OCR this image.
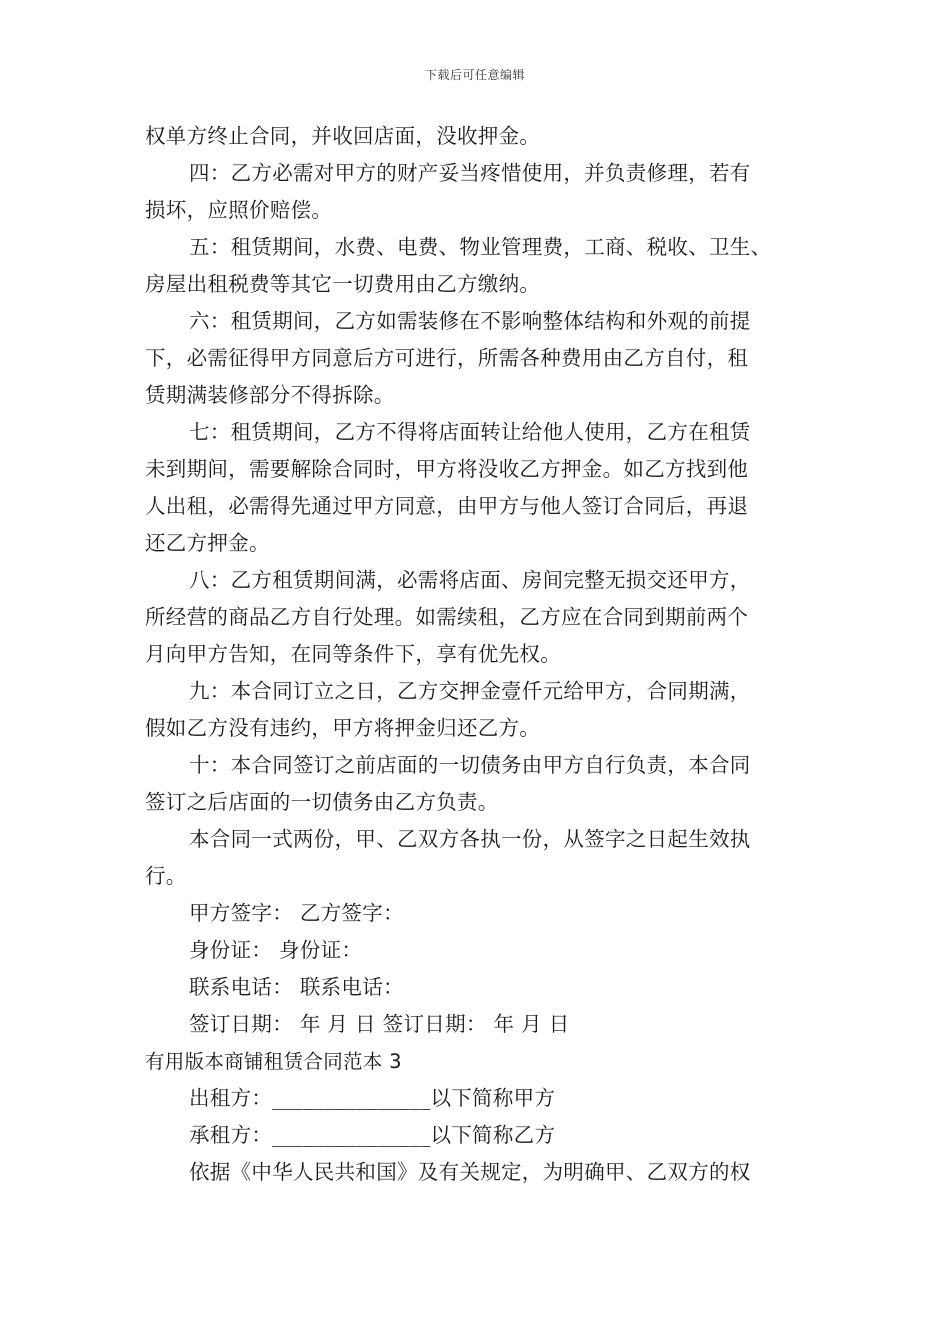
下载后可任意编辑
权单方终止合同，并收回店面，没收押金。
四：乙方必需对甲方的财产妥当疼惜使用，并负责修理，若有
损坏，应照价赔偿。
五：租赁期间，水费、电费、物业管理费，工商、税收、卫生、
房屋出租税费等其它一切费用由乙方缴纳。
六：租赁期间，乙方如需装修在不影响整体结构和外观的前提
下，必需征得甲方同意后方可进行，所需各种费用由乙方自付，租
赁期满装修部分不得拆除。
七：租赁期间，乙方不得将店面转让给他人使用，乙方在租赁
未到期间，需要解除合同时，甲方将没收乙方押金。如乙方找到他
人出租，必需得先通过甲方同意，由甲方与他人签订合同后，再退
还乙方押金。
八：乙方租赁期间满，必需将店面、房间完整无损交还甲方，
所经营的商品乙方自行处理。如需续租，乙方应在合同到期前两个
月向甲方告知，在同等条件下，享有优先权。
九：本合同订立之日，乙方交押金壹仟元给甲方，合同期满，
假如乙方没有违约，甲方将押金归还乙方。
十：本合同签订之前店面的一切债务由甲方自行负责，本合同
签订之后店面的一切债务由乙方负责。
本合同一式两份，甲、乙双方各执一份，从签字之日起生效执
行。
甲方签字： 乙方签字：
身份证： 身份证：
联系电话： 联系电话：
签订日期： 年 月 日 签订日期： 年 月 日
有用版本商铺租赁合同范本 3
出租方：_______________以下简称甲方
承租方：_______________以下简称乙方
依据《中华人民共和国》及有关规定，为明确甲、乙双方的权
